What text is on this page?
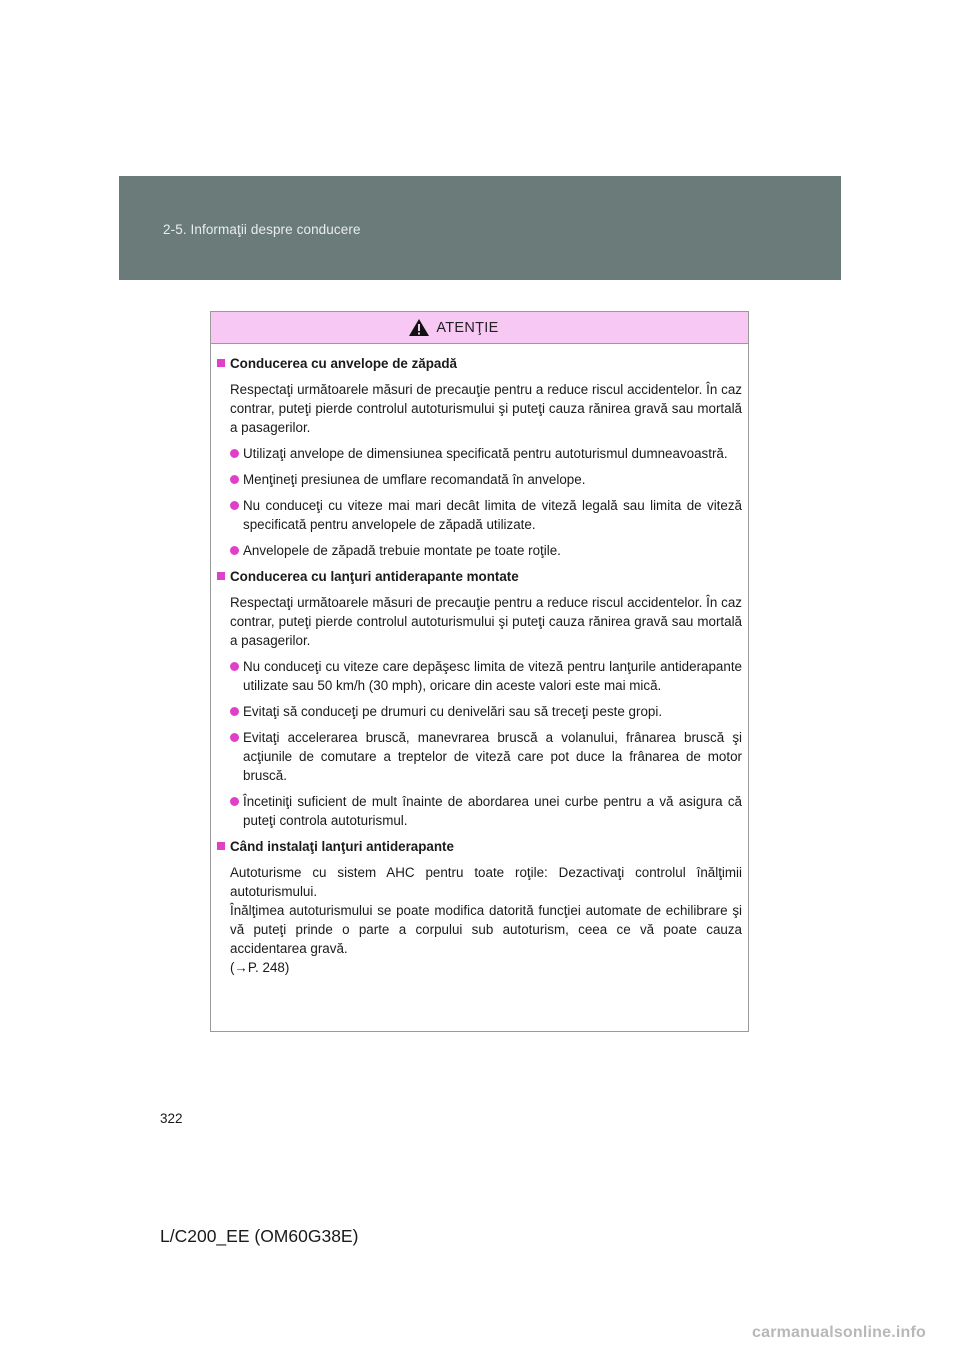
2-5. Informaţii despre conducere
ATENŢIE
Conducerea cu anvelope de zăpadă
Respectaţi următoarele măsuri de precauţie pentru a reduce riscul accidentelor. În caz contrar, puteţi pierde controlul autoturismului şi puteţi cauza rănirea gravă sau mortală a pasagerilor.
Utilizaţi anvelope de dimensiunea specificată pentru autoturismul dumneavoastră.
Menţineţi presiunea de umflare recomandată în anvelope.
Nu conduceţi cu viteze mai mari decât limita de viteză legală sau limita de viteză specificată pentru anvelopele de zăpadă utilizate.
Anvelopele de zăpadă trebuie montate pe toate roţile.
Conducerea cu lanţuri antiderapante montate
Respectaţi următoarele măsuri de precauţie pentru a reduce riscul accidentelor. În caz contrar, puteţi pierde controlul autoturismului şi puteţi cauza rănirea gravă sau mortală a pasagerilor.
Nu conduceţi cu viteze care depăşesc limita de viteză pentru lanţurile antiderapante utilizate sau 50 km/h (30 mph), oricare din aceste valori este mai mică.
Evitaţi să conduceţi pe drumuri cu denivelări sau să treceţi peste gropi.
Evitaţi accelerarea bruscă, manevrarea bruscă a volanului, frânarea bruscă şi acţiunile de comutare a treptelor de viteză care pot duce la frânarea de motor bruscă.
Încetiniţi suficient de mult înainte de abordarea unei curbe pentru a vă asigura că puteţi controla autoturismul.
Când instalaţi lanţuri antiderapante
Autoturisme cu sistem AHC pentru toate roţile: Dezactivaţi controlul înălţimii autoturismului.
Înălţimea autoturismului se poate modifica datorită funcţiei automate de echilibrare şi vă puteţi prinde o parte a corpului sub autoturism, ceea ce vă poate cauza accidentarea gravă.
(→P. 248)
322
L/C200_EE (OM60G38E)
carmanualsonline.info
